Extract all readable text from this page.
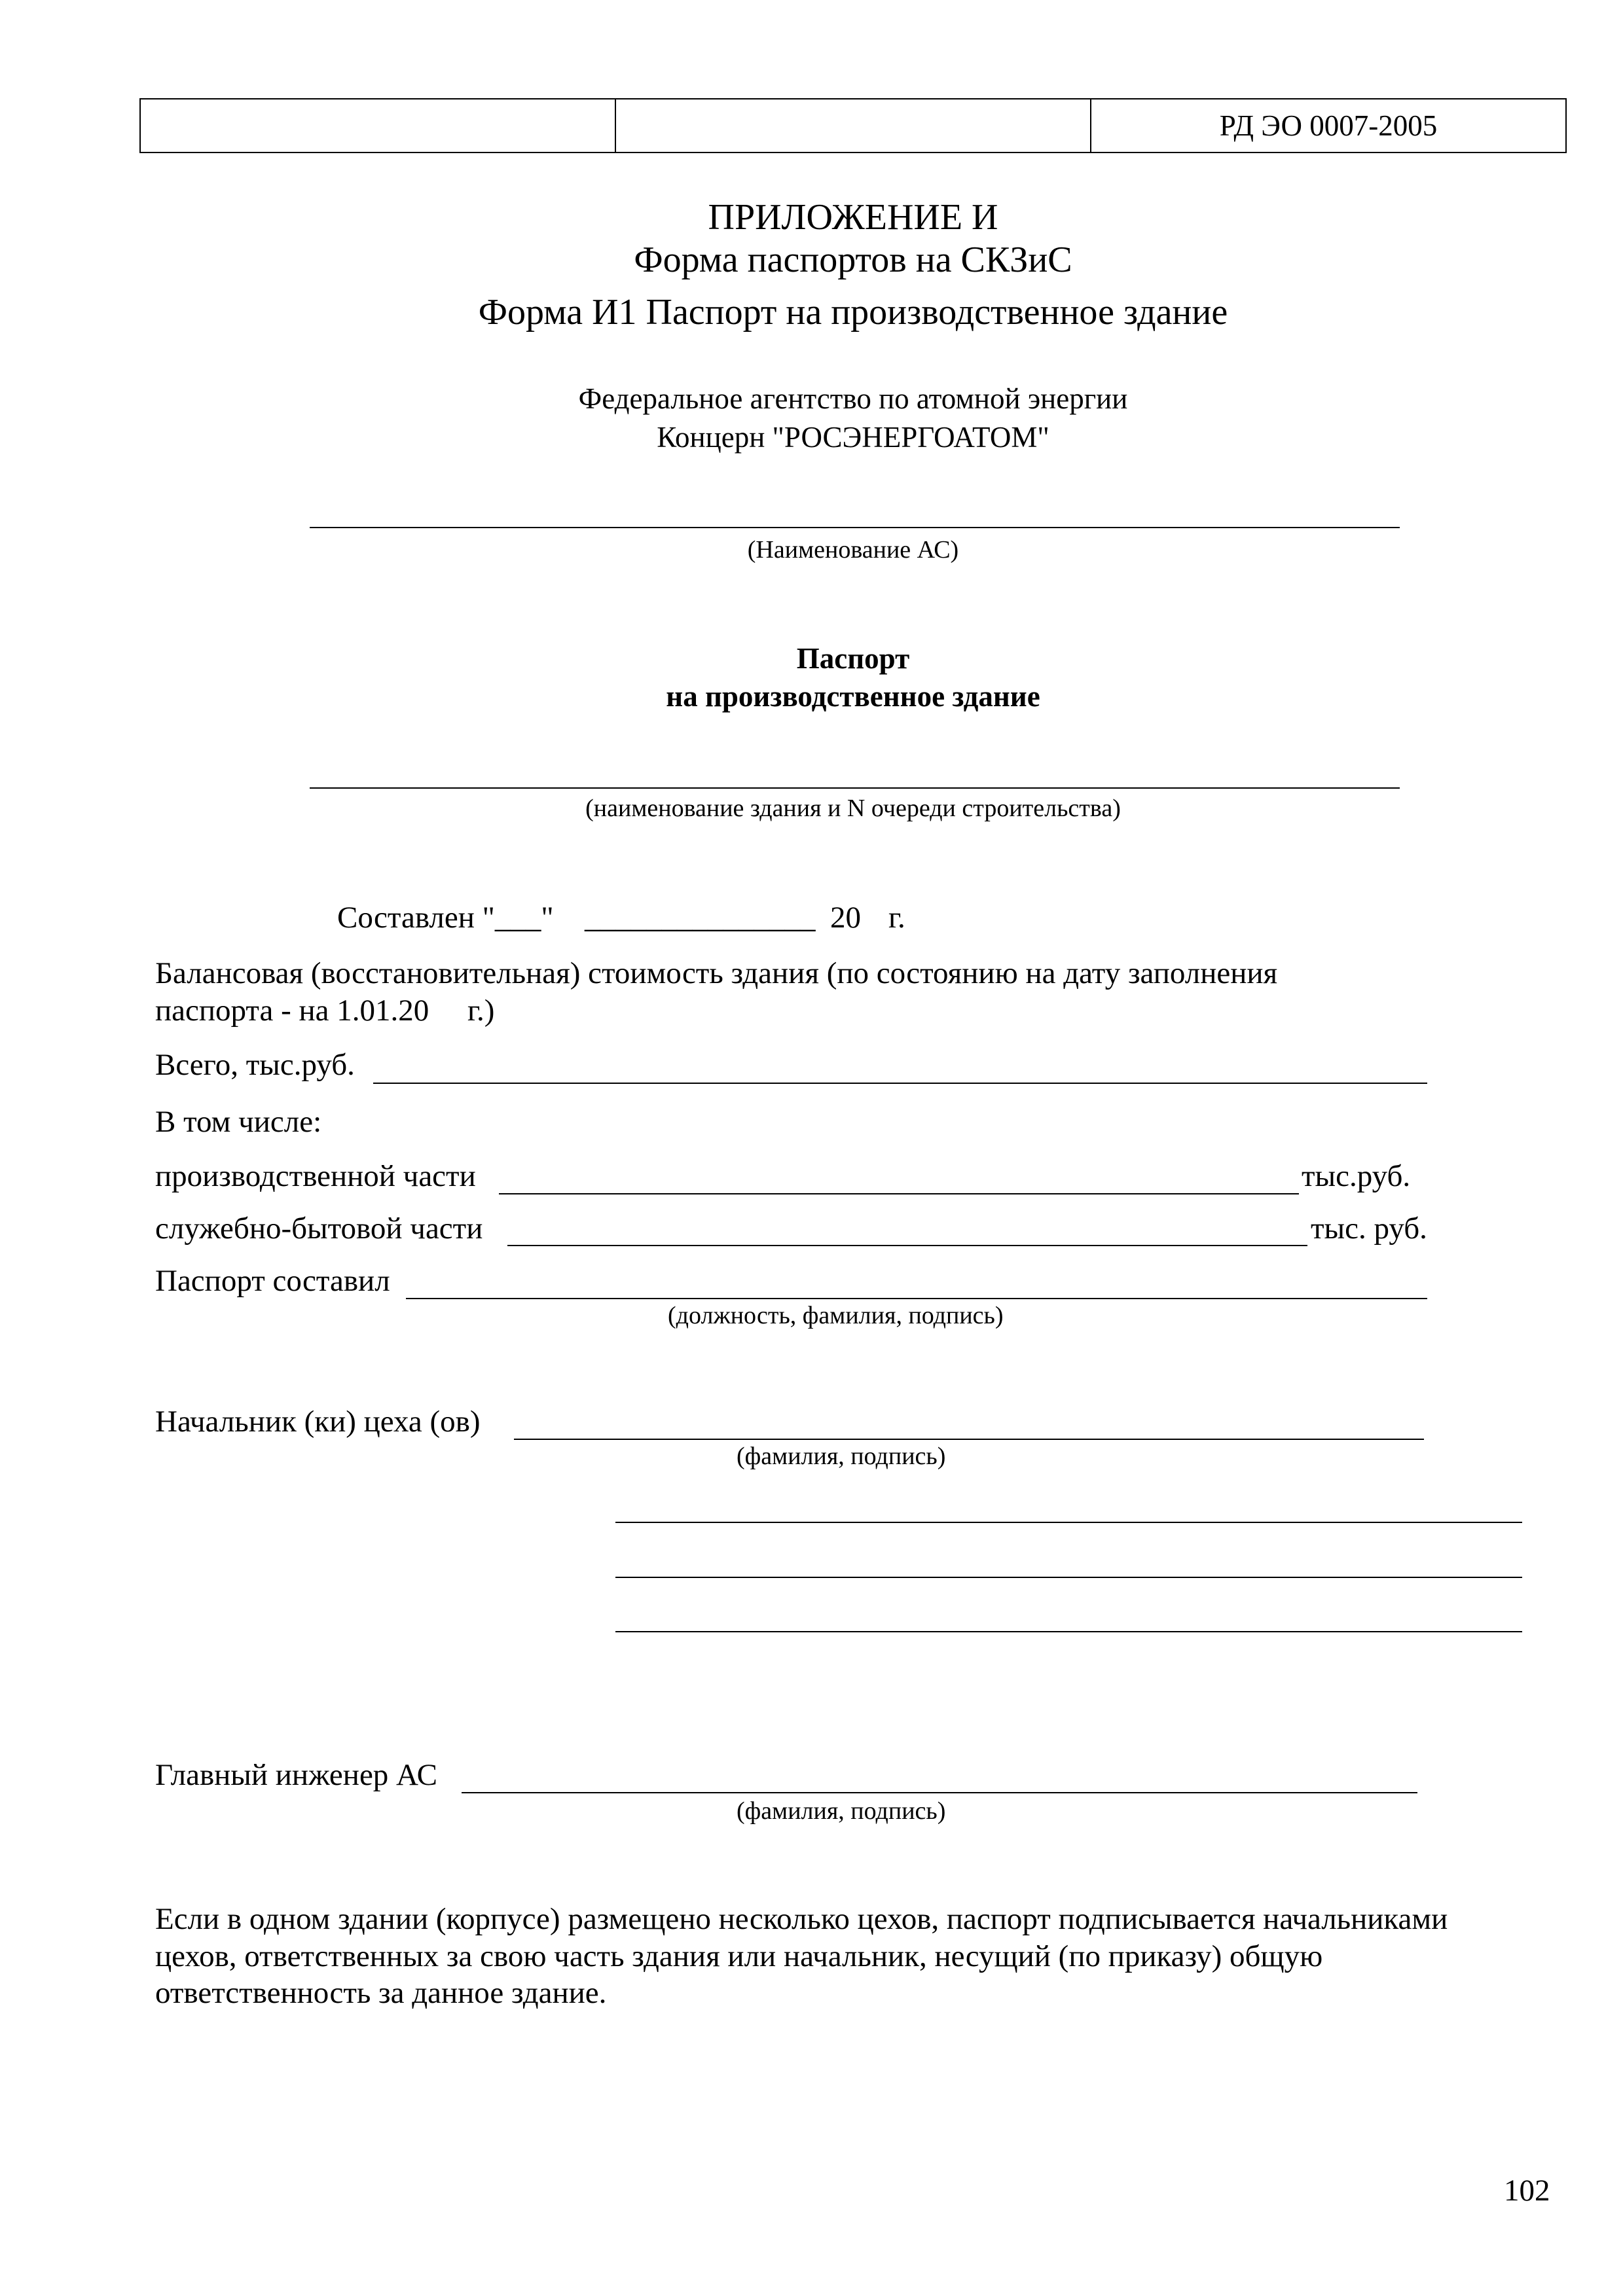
РД ЭО 0007-2005
ПРИЛОЖЕНИЕ И
Форма паспортов на СКЗиС
Форма И1 Паспорт на производственное здание
Федеральное агентство по атомной энергии
Концерн "РОСЭНЕРГОАТОМ"
(Наименование АС)
Паспорт
на производственное здание
(наименование здания и N очереди строительства)
Составлен "___" _______________ 20 г.
Балансовая (восстановительная) стоимость здания (по состоянию на дату заполнения
паспорта - на 1.01.20     г.)
Всего, тыс.руб.
В том числе:
производственной части	тыс.руб.
служебно-бытовой части	тыс. руб.
Паспорт составил
(должность, фамилия, подпись)
Начальник (ки) цеха (ов)
(фамилия, подпись)
Главный инженер АС
(фамилия, подпись)
Если в одном здании (корпусе) размещено несколько цехов, паспорт подписывается начальниками
цехов, ответственных за свою часть здания или начальник, несущий (по приказу) общую
ответственность за данное здание.
102
